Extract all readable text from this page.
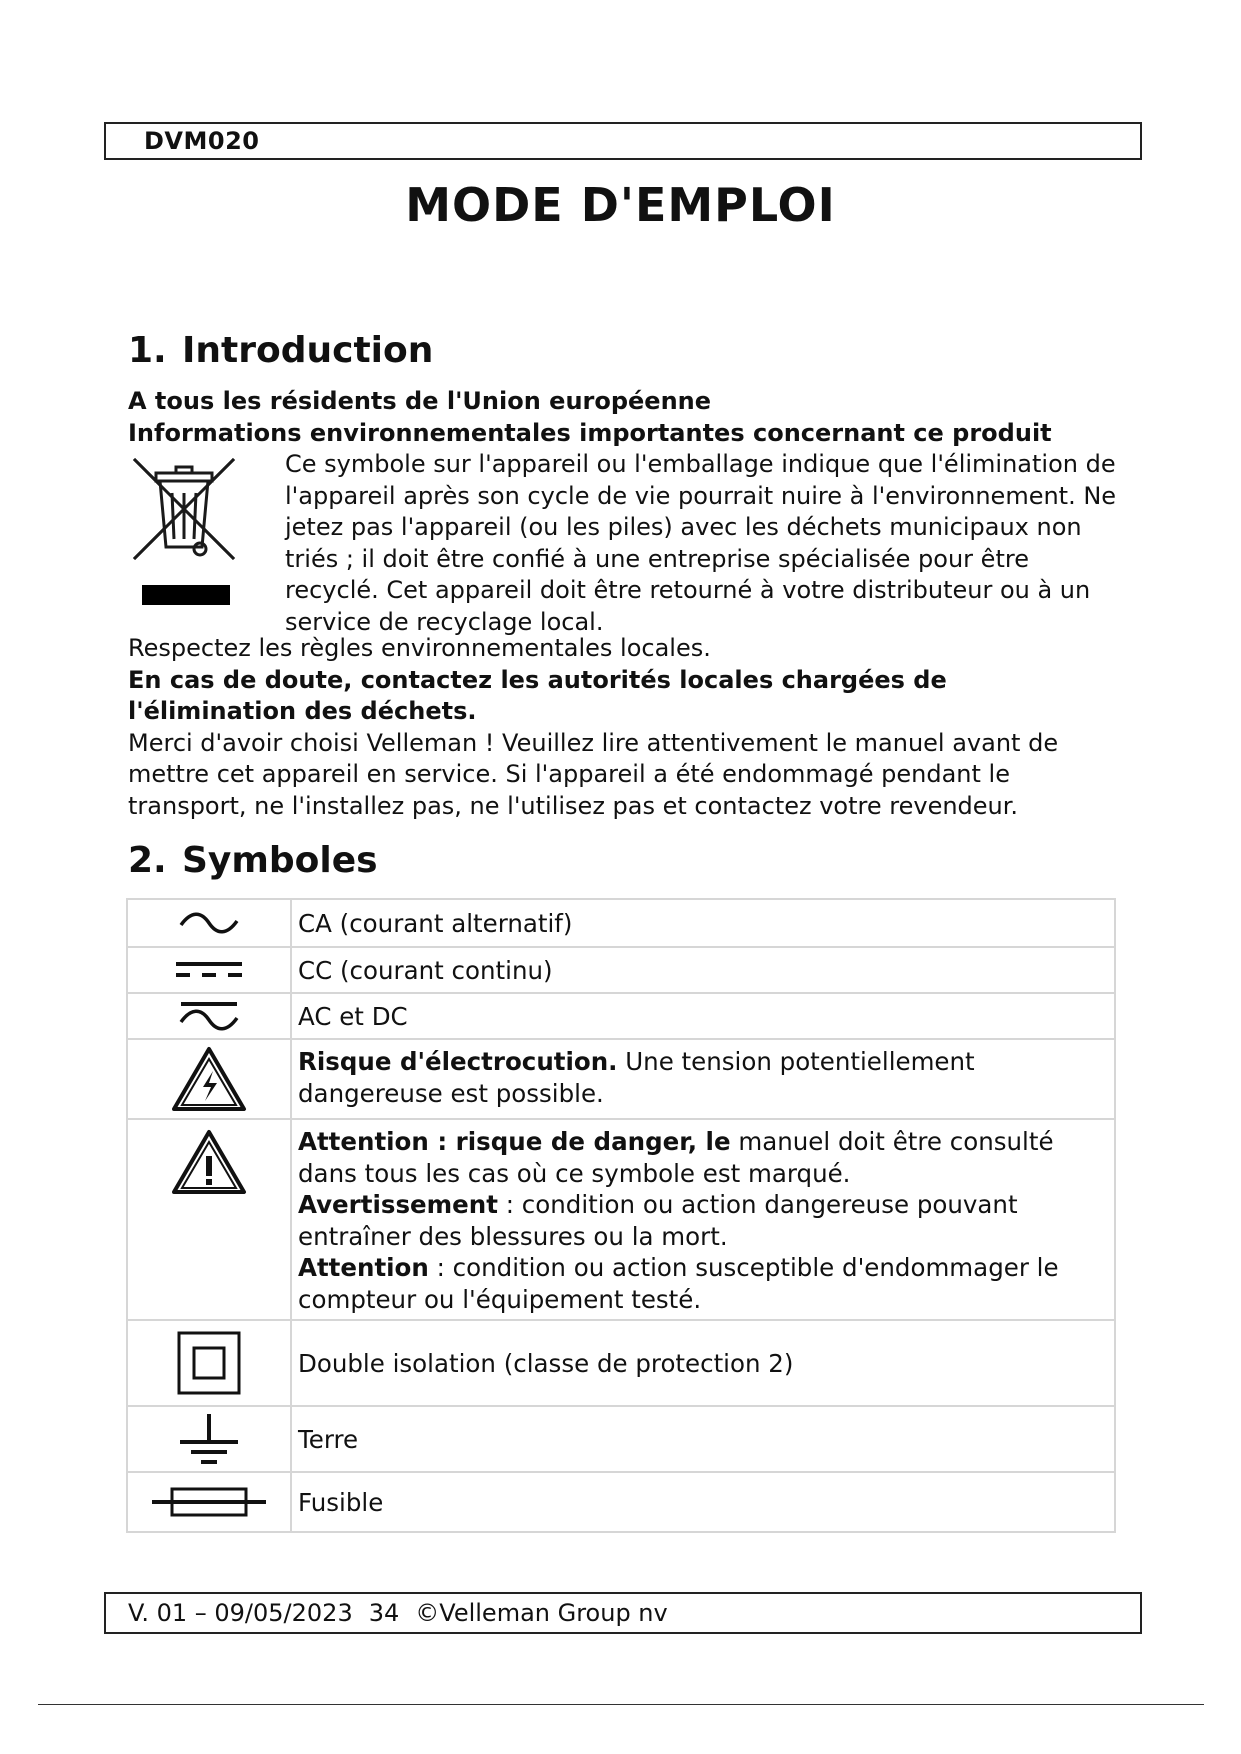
DVM020
MODE D'EMPLOI
1. Introduction
A tous les résidents de l'Union européenne
Informations environnementales importantes concernant ce produit
Ce symbole sur l'appareil ou l'emballage indique que l'élimination de l'appareil après son cycle de vie pourrait nuire à l'environnement. Ne jetez pas l'appareil (ou les piles) avec les déchets municipaux non triés ; il doit être confié à une entreprise spécialisée pour être recyclé. Cet appareil doit être retourné à votre distributeur ou à un service de recyclage local.
Respectez les règles environnementales locales.
En cas de doute, contactez les autorités locales chargées de l'élimination des déchets.
Merci d'avoir choisi Velleman ! Veuillez lire attentivement le manuel avant de mettre cet appareil en service. Si l'appareil a été endommagé pendant le transport, ne l'installez pas, ne l'utilisez pas et contactez votre revendeur.
2. Symboles
	CA (courant alternatif)

	CC (courant continu)

	AC et DC

	Risque d'électrocution. Une tension potentiellement dangereuse est possible.

	Attention : risque de danger, le manuel doit être consulté dans tous les cas où ce symbole est marqué.
Avertissement : condition ou action dangereuse pouvant entraîner des blessures ou la mort.
Attention : condition ou action susceptible d'endommager le compteur ou l'équipement testé.

	Double isolation (classe de protection 2)

	Terre

	Fusible
V. 01 – 09/05/2023 34 ©Velleman Group nv
